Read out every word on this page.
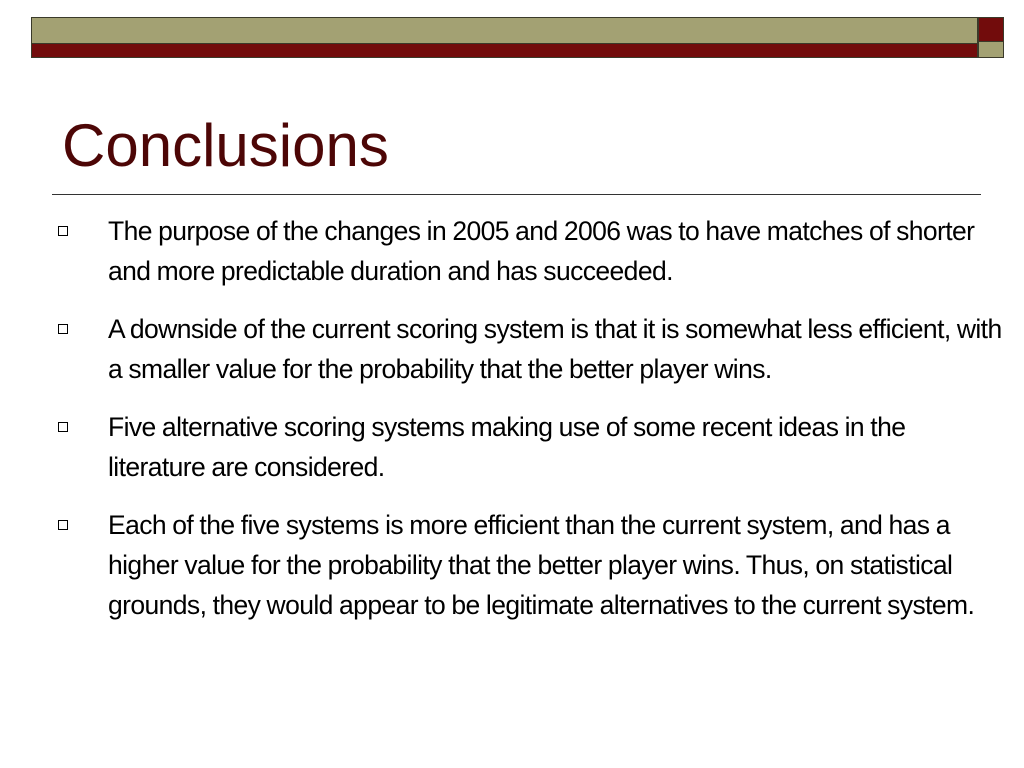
Conclusions
The purpose of the changes in 2005 and 2006 was to have matches of shorter and more predictable duration and has succeeded.
A downside of the current scoring system is that it is somewhat less efficient, with a smaller value for the probability that the better player wins.
Five alternative scoring systems making use of some recent ideas in the literature are considered.
Each of the five systems is more efficient than the current system, and has a higher value for the probability that the better player wins. Thus, on statistical grounds, they would appear to be legitimate alternatives to the current system.
